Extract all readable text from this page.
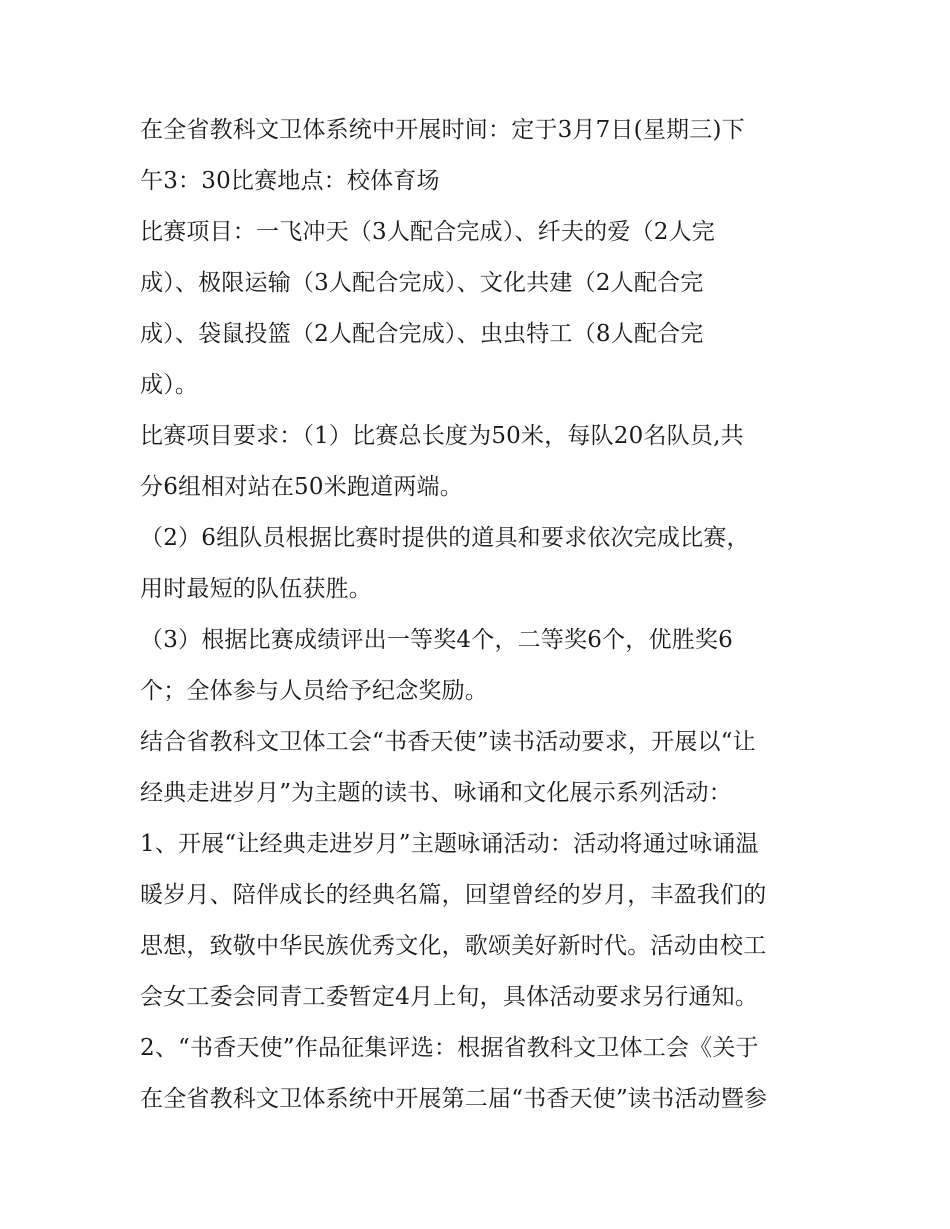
在全省教科文卫体系统中开展时间：定于3月7日(星期三)下
午3：30比赛地点：校体育场
比赛项目：一飞冲天（3人配合完成）、纤夫的爱（2人完
成）、极限运输（3人配合完成）、文化共建（2人配合完
成）、袋鼠投篮（2人配合完成）、虫虫特工（8人配合完
成）。
比赛项目要求：（1）比赛总长度为50米，每队20名队员,共
分6组相对站在50米跑道两端。
（2）6组队员根据比赛时提供的道具和要求依次完成比赛，
用时最短的队伍获胜。
（3）根据比赛成绩评出一等奖4个，二等奖6个，优胜奖6
个；全体参与人员给予纪念奖励。
结合省教科文卫体工会“书香天使”读书活动要求，开展以“让
经典走进岁月”为主题的读书、咏诵和文化展示系列活动：
1、开展“让经典走进岁月”主题咏诵活动：活动将通过咏诵温
暖岁月、陪伴成长的经典名篇，回望曾经的岁月，丰盈我们的
思想，致敬中华民族优秀文化，歌颂美好新时代。活动由校工
会女工委会同青工委暂定4月上旬，具体活动要求另行通知。
2、“书香天使”作品征集评选：根据省教科文卫体工会《关于
在全省教科文卫体系统中开展第二届“书香天使”读书活动暨参
